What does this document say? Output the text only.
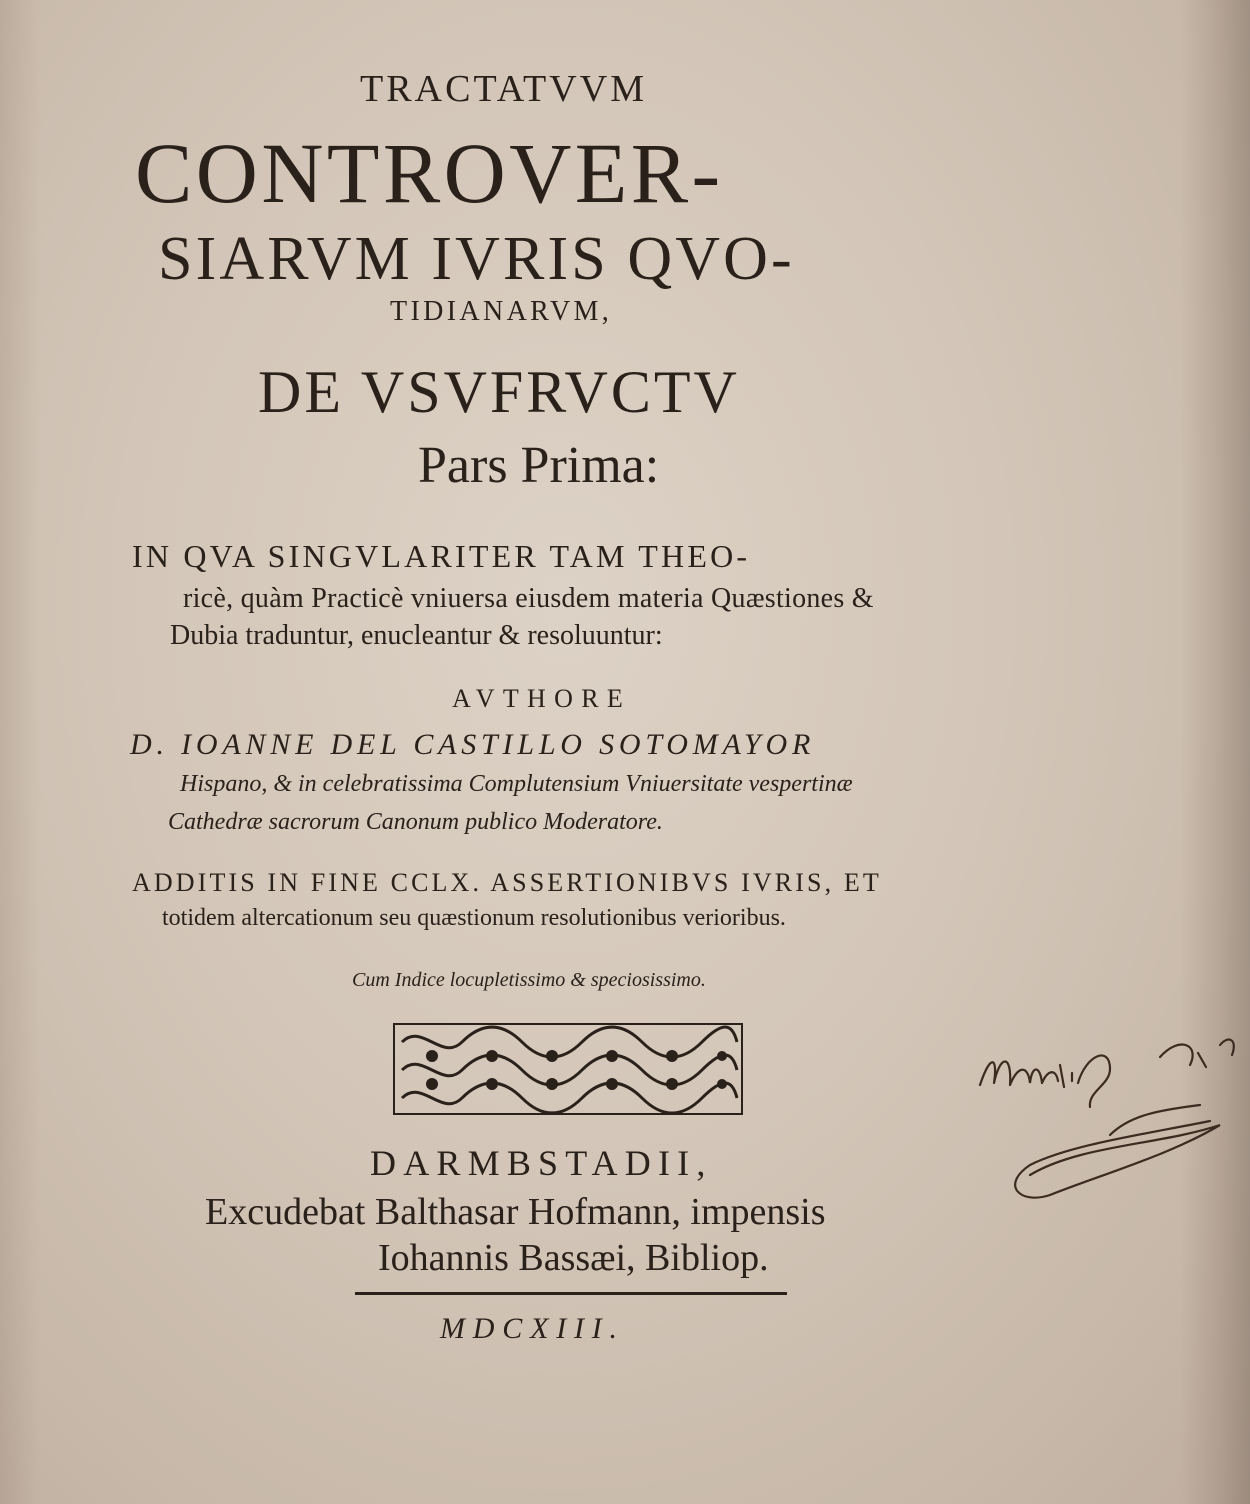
TRACTATVVM
CONTROVER-
SIARVM IVRIS QVO-
TIDIANARVM,
DE VSVFRVCTV
Pars Prima:
IN QVA SINGVLARITER TAM THEO-
ricè, quàm Practicè vniuersa eiusdem materia Quæstiones &
Dubia traduntur, enucleantur & resoluuntur:
AVTHORE
D. IOANNE DEL CASTILLO SOTOMAYOR
Hispano, & in celebratissima Complutensium Vniuersitate vespertinæ
Cathedræ sacrorum Canonum publico Moderatore.
ADDITIS IN FINE CCLX. ASSERTIONIBVS IVRIS, ET
totidem altercationum seu quæstionum resolutionibus verioribus.
Cum Indice locupletissimo & speciosissimo.
DARMBSTADII,
Excudebat Balthasar Hofmann, impensis
Iohannis Bassæi, Bibliop.
MDCXIII.
